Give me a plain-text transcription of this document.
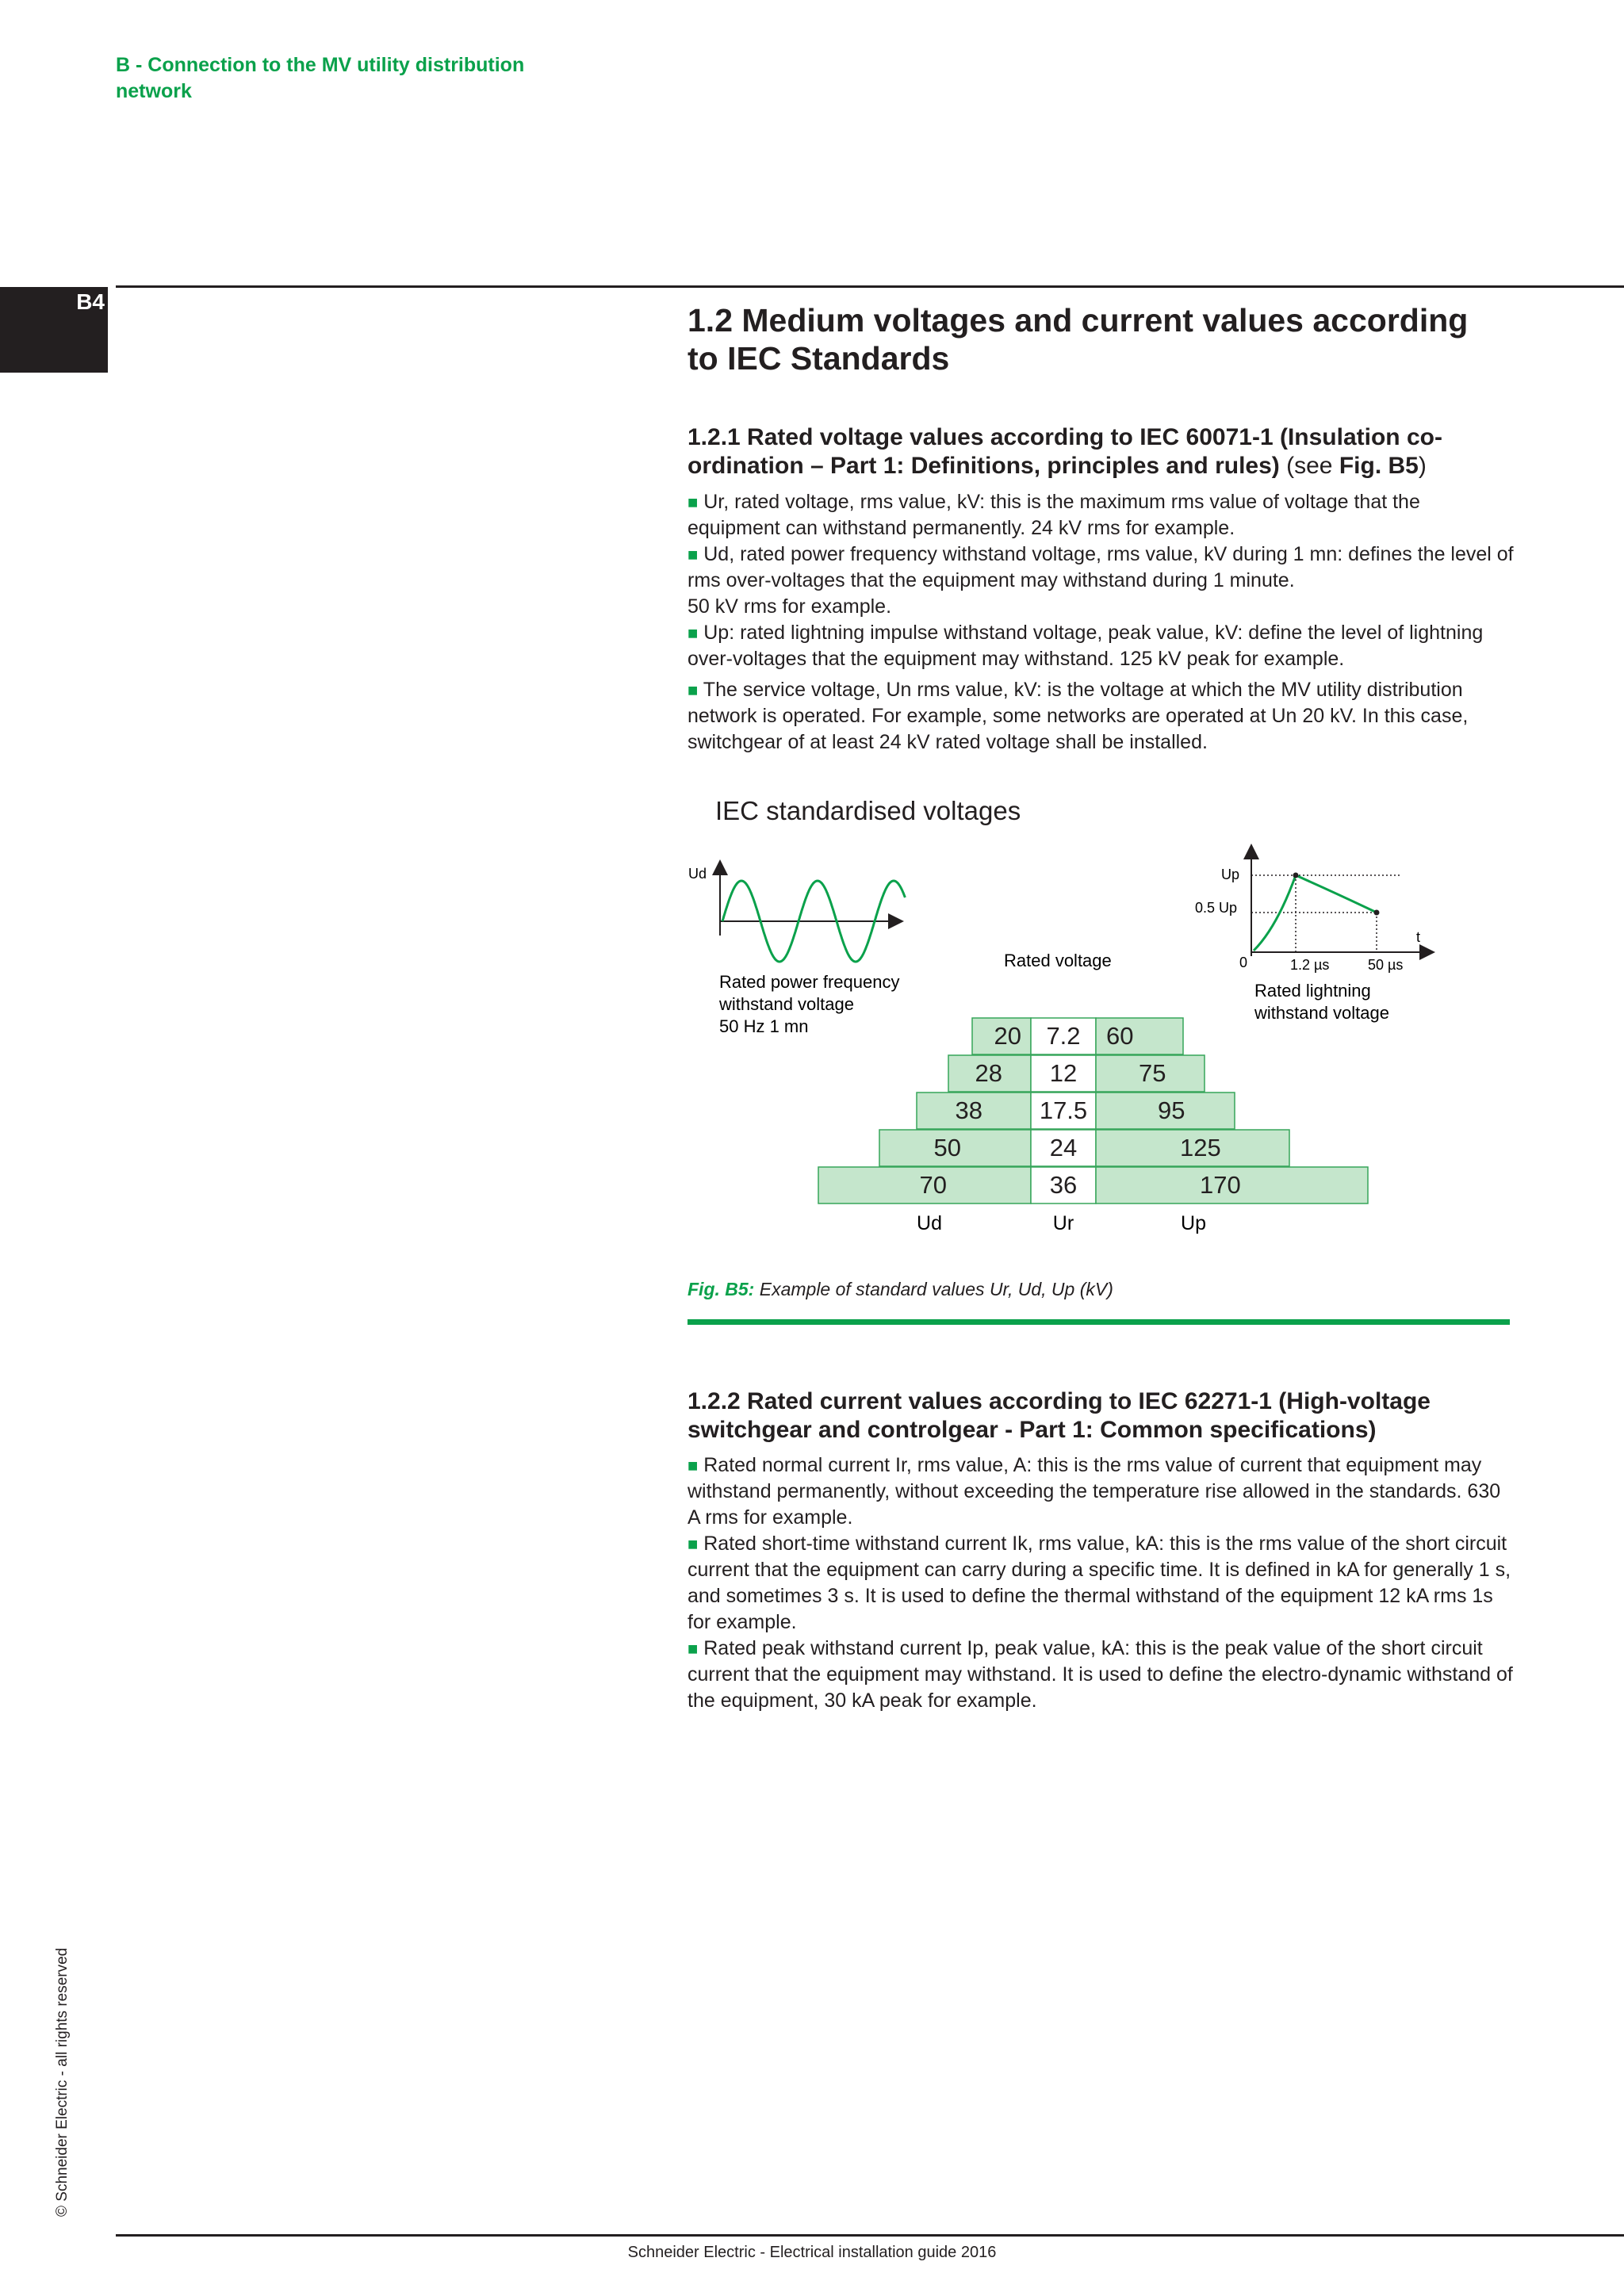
B - Connection to the MV utility distribution network
B4
1.2 Medium voltages and current values according to IEC Standards
1.2.1 Rated voltage values according to IEC 60071-1 (Insulation co-ordination – Part 1: Definitions, principles and rules) (see Fig. B5)

■ Ur, rated voltage, rms value, kV: this is the maximum rms value of voltage that the equipment can withstand permanently. 24 kV rms for example.

■ Ud, rated power frequency withstand voltage, rms value, kV during 1 mn: defines the level of rms over-voltages that the equipment may withstand during 1 minute.

50 kV rms for example.

■ Up: rated lightning impulse withstand voltage, peak value, kV: define the level of lightning over-voltages that the equipment may withstand. 125 kV peak for example.

■ The service voltage, Un rms value, kV: is the voltage at which the MV utility distribution network is operated. For example, some networks are operated at Un 20 kV. In this case, switchgear of at least 24 kV rated voltage shall be installed.

IEC standardised voltages
Ud
Rated power frequency
withstand voltage
50 Hz 1 mn
Up
0.5 Up
t
0	1.2 µs	50 µs
Rated lightning
withstand voltage
Rated voltage
20 7.2 60
28 12	75
38 17.5	95
50	24	125
70	36	170
Ud	Ur	Up
Fig. B5: Example of standard values Ur, Ud, Up (kV)
1.2.2 Rated current values according to IEC 62271-1 (High-voltage switchgear and controlgear - Part 1: Common specifications)

■ Rated normal current Ir, rms value, A: this is the rms value of current that equipment may withstand permanently, without exceeding the temperature rise allowed in the standards. 630 A rms for example.

■ Rated short-time withstand current Ik, rms value, kA: this is the rms value of the short circuit current that the equipment can carry during a specific time. It is defined in kA for generally 1 s, and sometimes 3 s. It is used to define the thermal withstand of the equipment 12 kA rms 1s for example.

■ Rated peak withstand current Ip, peak value, kA: this is the peak value of the short circuit current that the equipment may withstand. It is used to define the electro-dynamic withstand of the equipment, 30 kA peak for example.

© Schneider Electric - all rights reserved
Schneider Electric - Electrical installation guide 2016
